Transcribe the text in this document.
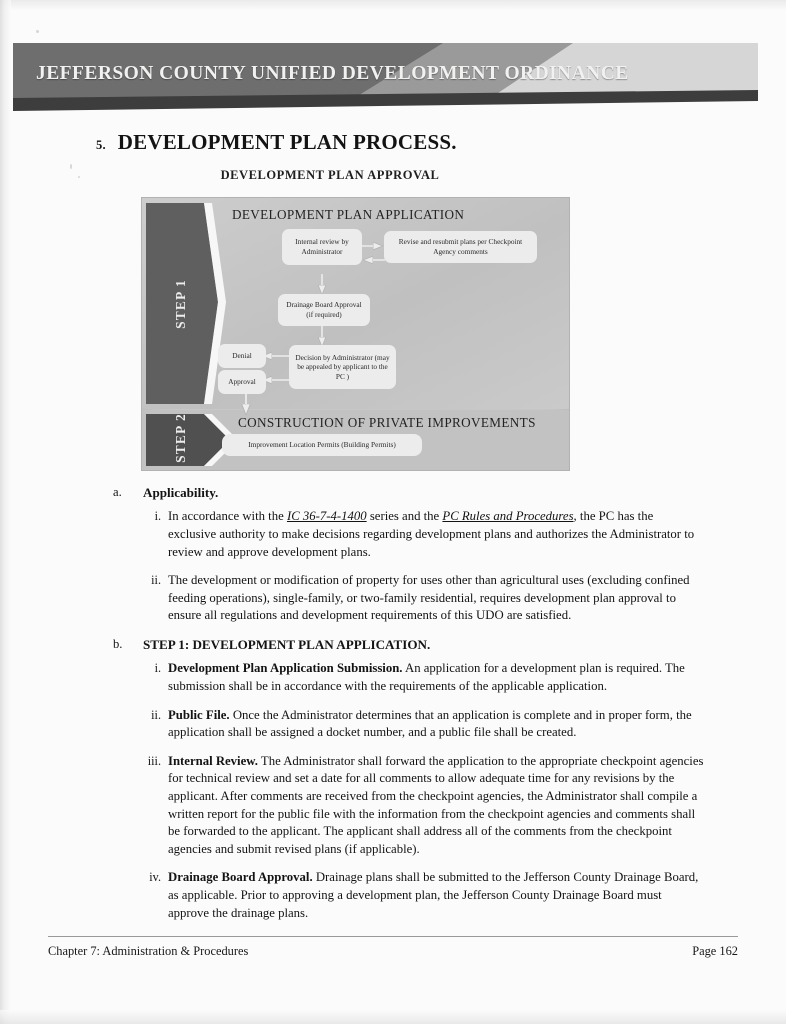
JEFFERSON COUNTY UNIFIED DEVELOPMENT ORDINANCE
5. DEVELOPMENT PLAN PROCESS.
DEVELOPMENT PLAN APPROVAL
STEP 1
STEP 2
DEVELOPMENT PLAN APPLICATION
CONSTRUCTION OF PRIVATE IMPROVEMENTS
Internal review by Administrator
Revise and resubmit plans per Checkpoint Agency comments
Drainage Board Approval (if required)
Decision by Administrator (may be appealed by applicant to the PC )
Denial
Approval
Improvement Location Permits (Building Permits)
a. Applicability.
i. In accordance with the IC 36-7-4-1400 series and the PC Rules and Procedures, the PC has the exclusive authority to make decisions regarding development plans and authorizes the Administrator to review and approve development plans.
ii. The development or modification of property for uses other than agricultural uses (excluding confined feeding operations), single-family, or two-family residential, requires development plan approval to ensure all regulations and development requirements of this UDO are satisfied.
b. STEP 1: DEVELOPMENT PLAN APPLICATION.
i. Development Plan Application Submission. An application for a development plan is required. The submission shall be in accordance with the requirements of the applicable application.
ii. Public File. Once the Administrator determines that an application is complete and in proper form, the application shall be assigned a docket number, and a public file shall be created.
iii. Internal Review. The Administrator shall forward the application to the appropriate checkpoint agencies for technical review and set a date for all comments to allow adequate time for any revisions by the applicant. After comments are received from the checkpoint agencies, the Administrator shall compile a written report for the public file with the information from the checkpoint agencies and comments shall be forwarded to the applicant. The applicant shall address all of the comments from the checkpoint agencies and submit revised plans (if applicable).
iv. Drainage Board Approval. Drainage plans shall be submitted to the Jefferson County Drainage Board, as applicable. Prior to approving a development plan, the Jefferson County Drainage Board must approve the drainage plans.
Chapter 7: Administration & Procedures	Page 162
